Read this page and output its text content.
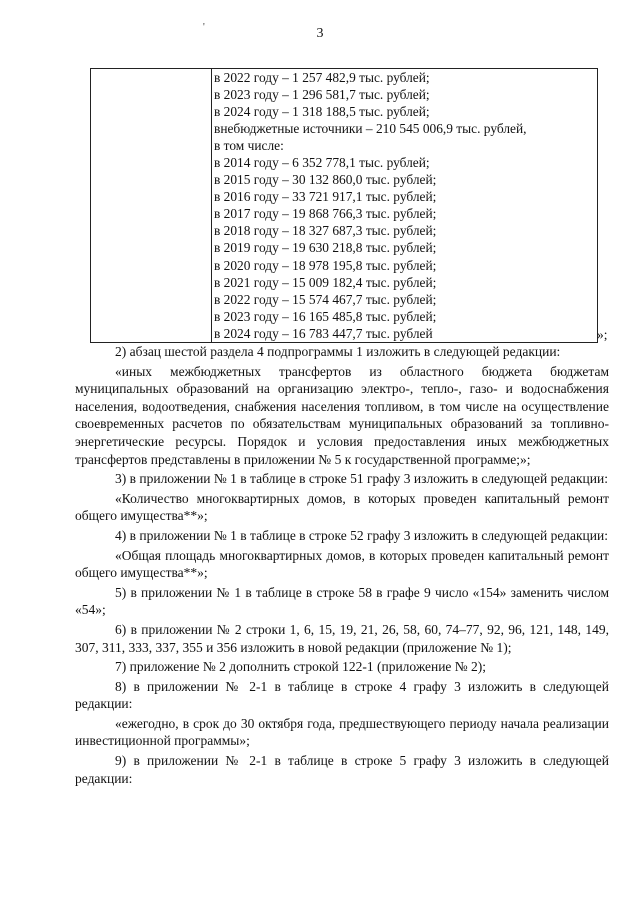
3
'

в 2022 году – 1 257 482,9 тыс. рублей;
в 2023 году – 1 296 581,7 тыс. рублей;
в 2024 году – 1 318 188,5 тыс. рублей;
внебюджетные источники – 210 545 006,9 тыс. рублей,
в том числе:
в 2014 году – 6 352 778,1 тыс. рублей;
в 2015 году – 30 132 860,0 тыс. рублей;
в 2016 году – 33 721 917,1 тыс. рублей;
в 2017 году – 19 868 766,3 тыс. рублей;
в 2018 году – 18 327 687,3 тыс. рублей;
в 2019 году – 19 630 218,8 тыс. рублей;
в 2020 году – 18 978 195,8 тыс. рублей;
в 2021 году – 15 009 182,4 тыс. рублей;
в 2022 году – 15 574 467,7 тыс. рублей;
в 2023 году – 16 165 485,8 тыс. рублей;
в 2024 году – 16 783 447,7 тыс. рублей	»;

2) абзац шестой раздела 4 подпрограммы 1 изложить в следующей редакции:

«иных межбюджетных трансфертов из областного бюджета бюджетам муниципальных образований на организацию электро-, тепло-, газо- и водоснабжения населения, водоотведения, снабжения населения топливом, в том числе на осуществление своевременных расчетов по обязательствам муниципальных образований за топливно-энергетические ресурсы. Порядок и условия предоставления иных межбюджетных трансфертов представлены в приложении № 5 к государственной программе;»;

3) в приложении № 1 в таблице в строке 51 графу 3 изложить в следующей редакции:

«Количество многоквартирных домов, в которых проведен капитальный ремонт общего имущества**»;

4) в приложении № 1 в таблице в строке 52 графу 3 изложить в следующей редакции:

«Общая площадь многоквартирных домов, в которых проведен капитальный ремонт общего имущества**»;

5) в приложении № 1 в таблице в строке 58 в графе 9 число «154» заменить числом «54»;

6) в приложении № 2 строки 1, 6, 15, 19, 21, 26, 58, 60, 74–77, 92, 96, 121, 148, 149, 307, 311, 333, 337, 355 и 356 изложить в новой редакции (приложение № 1);

7) приложение № 2 дополнить строкой 122-1 (приложение № 2);

8) в приложении № 2-1 в таблице в строке 4 графу 3 изложить в следующей редакции:

«ежегодно, в срок до 30 октября года, предшествующего периоду начала реализации инвестиционной программы»;

9) в приложении № 2-1 в таблице в строке 5 графу 3 изложить в следующей редакции:
